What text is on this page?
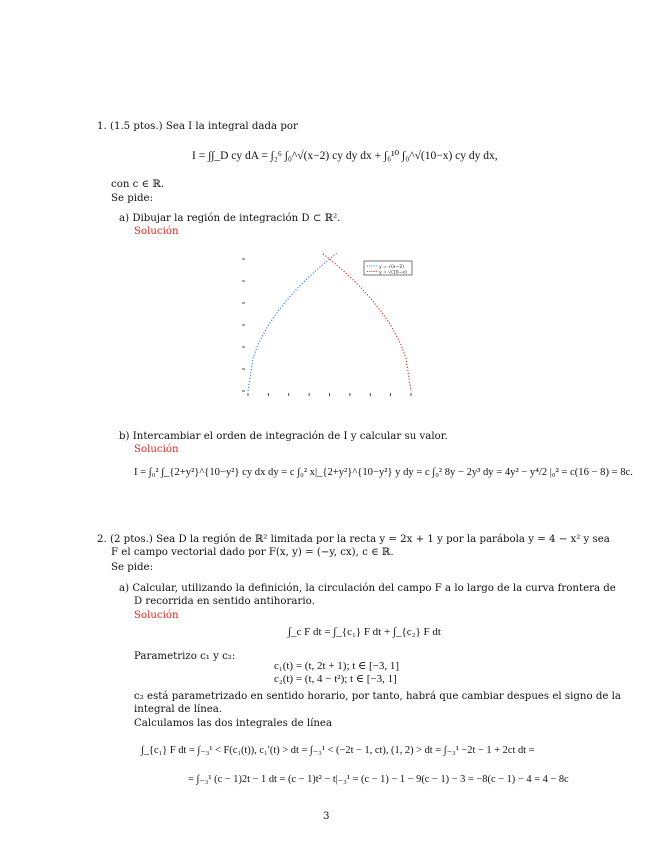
1. (1.5 ptos.) Sea I la integral dada por
I = ∫∫_D cy dA = ∫₂⁶ ∫₀^√(x−2) cy dy dx + ∫₆¹⁰ ∫₀^√(10−x) cy dy dx,
con c ∈ ℝ.
Se pide:
a) Dibujar la región de integración D ⊂ ℝ².
Solución
y = √(x−2)
y = √(10−x)
b) Intercambiar el orden de integración de I y calcular su valor.
Solución
I = ∫₀² ∫_{2+y²}^{10−y²} cy dx dy = c ∫₀² x|_{2+y²}^{10−y²} y dy = c ∫₀² 8y − 2y³ dy = 4y² − y⁴/2 |₀² = c(16 − 8) = 8c.
2. (2 ptos.) Sea D la región de ℝ² limitada por la recta y = 2x + 1 y por la parábola y = 4 − x² y sea
F el campo vectorial dado por F(x, y) = (−y, cx), c ∈ ℝ.
Se pide:
a) Calcular, utilizando la definición, la circulación del campo F a lo largo de la curva frontera de
D recorrida en sentido antihorario.
Solución
∫_c F dt = ∫_{c₁} F dt + ∫_{c₂} F dt
Parametrizo c₁ y c₂:
c₁(t) = (t, 2t + 1); t ∈ [−3, 1]
c₂(t) = (t, 4 − t²); t ∈ [−3, 1]
c₂ está parametrizado en sentido horario, por tanto, habrá que cambiar despues el signo de la
integral de línea.
Calculamos las dos integrales de línea
∫_{c₁} F dt = ∫₋₃¹ < F(c₁(t)), c₁′(t) > dt = ∫₋₃¹ < (−2t − 1, ct), (1, 2) > dt = ∫₋₃¹ −2t − 1 + 2ct dt =
= ∫₋₃¹ (c − 1)2t − 1 dt = (c − 1)t² − t|₋₃¹ = (c − 1) − 1 − 9(c − 1) − 3 = −8(c − 1) − 4 = 4 − 8c
3
